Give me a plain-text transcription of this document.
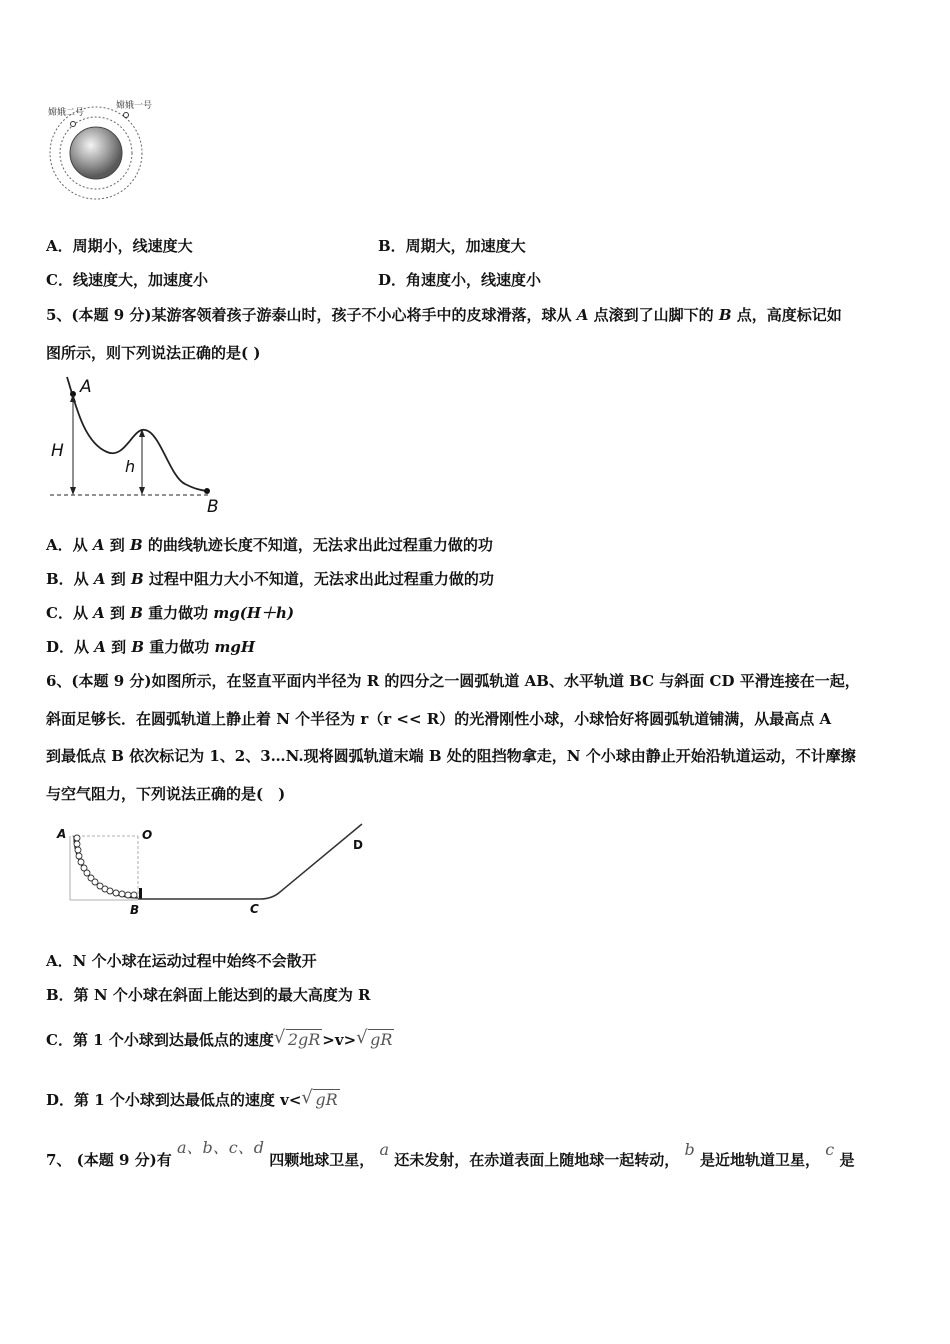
嫦娥二号
嫦娥一号
A．周期小，线速度大	B．周期大，加速度大
C．线速度大，加速度小	D．角速度小，线速度小
5、(本题 9 分)某游客领着孩子游泰山时，孩子不小心将手中的皮球滑落，球从 A 点滚到了山脚下的 B 点，高度标记如
图所示，则下列说法正确的是( )
A
B
H
h
A．从 A 到 B 的曲线轨迹长度不知道，无法求出此过程重力做的功
B．从 A 到 B 过程中阻力大小不知道，无法求出此过程重力做的功
C．从 A 到 B 重力做功 mg(H＋h)
D．从 A 到 B 重力做功 mgH
6、(本题 9 分)如图所示，在竖直平面内半径为 R 的四分之一圆弧轨道 AB、水平轨道 BC 与斜面 CD 平滑连接在一起，
斜面足够长．在圆弧轨道上静止着 N 个半径为 r（r << R）的光滑刚性小球，小球恰好将圆弧轨道铺满，从最高点 A
到最低点 B 依次标记为 1、2、3…N.现将圆弧轨道末端 B 处的阻挡物拿走，N 个小球由静止开始沿轨道运动，不计摩擦
与空气阻力，下列说法正确的是(　)
A	O
B	C
D
A．N 个小球在运动过程中始终不会散开
B．第 N 个小球在斜面上能达到的最大高度为 R
C．第 1 个小球到达最低点的速度 √ 2gR >v> √ gR
D．第 1 个小球到达最低点的速度 v< √ gR
7、 (本题 9 分)有 a、b、c、d 四颗地球卫星， a 还未发射，在赤道表面上随地球一起转动， b 是近地轨道卫星， c 是
